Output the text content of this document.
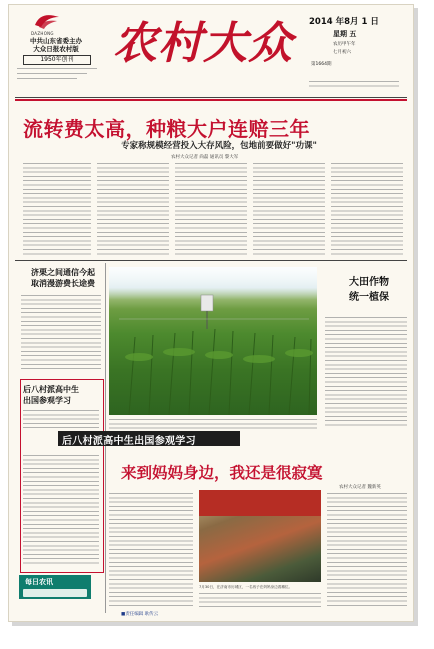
DAZHONG
中共山东省委主办
大众日报农村版
1950年创刊 农村大众 2014 年8月 1 日
星期 五
农历甲午年
七月初六
第1664期
流转费太高，种粮大户连赔三年
专家称规模经营投入大存风险，包地前要做好"功课"
农村大众记者 尚磊 通讯员 黎大军
济栗之间通信今起
取消漫游费长途费
后八村派高中生
出国参观学习
大田作物
统一植保
来到妈妈身边，我还是很寂寞
农村大众记者 魏新英
7月30日，在济南市历城区，一名孩子在妈妈身边看摊位。
每日农讯
■责任编辑 耿传云
后八村派高中生出国参观学习
